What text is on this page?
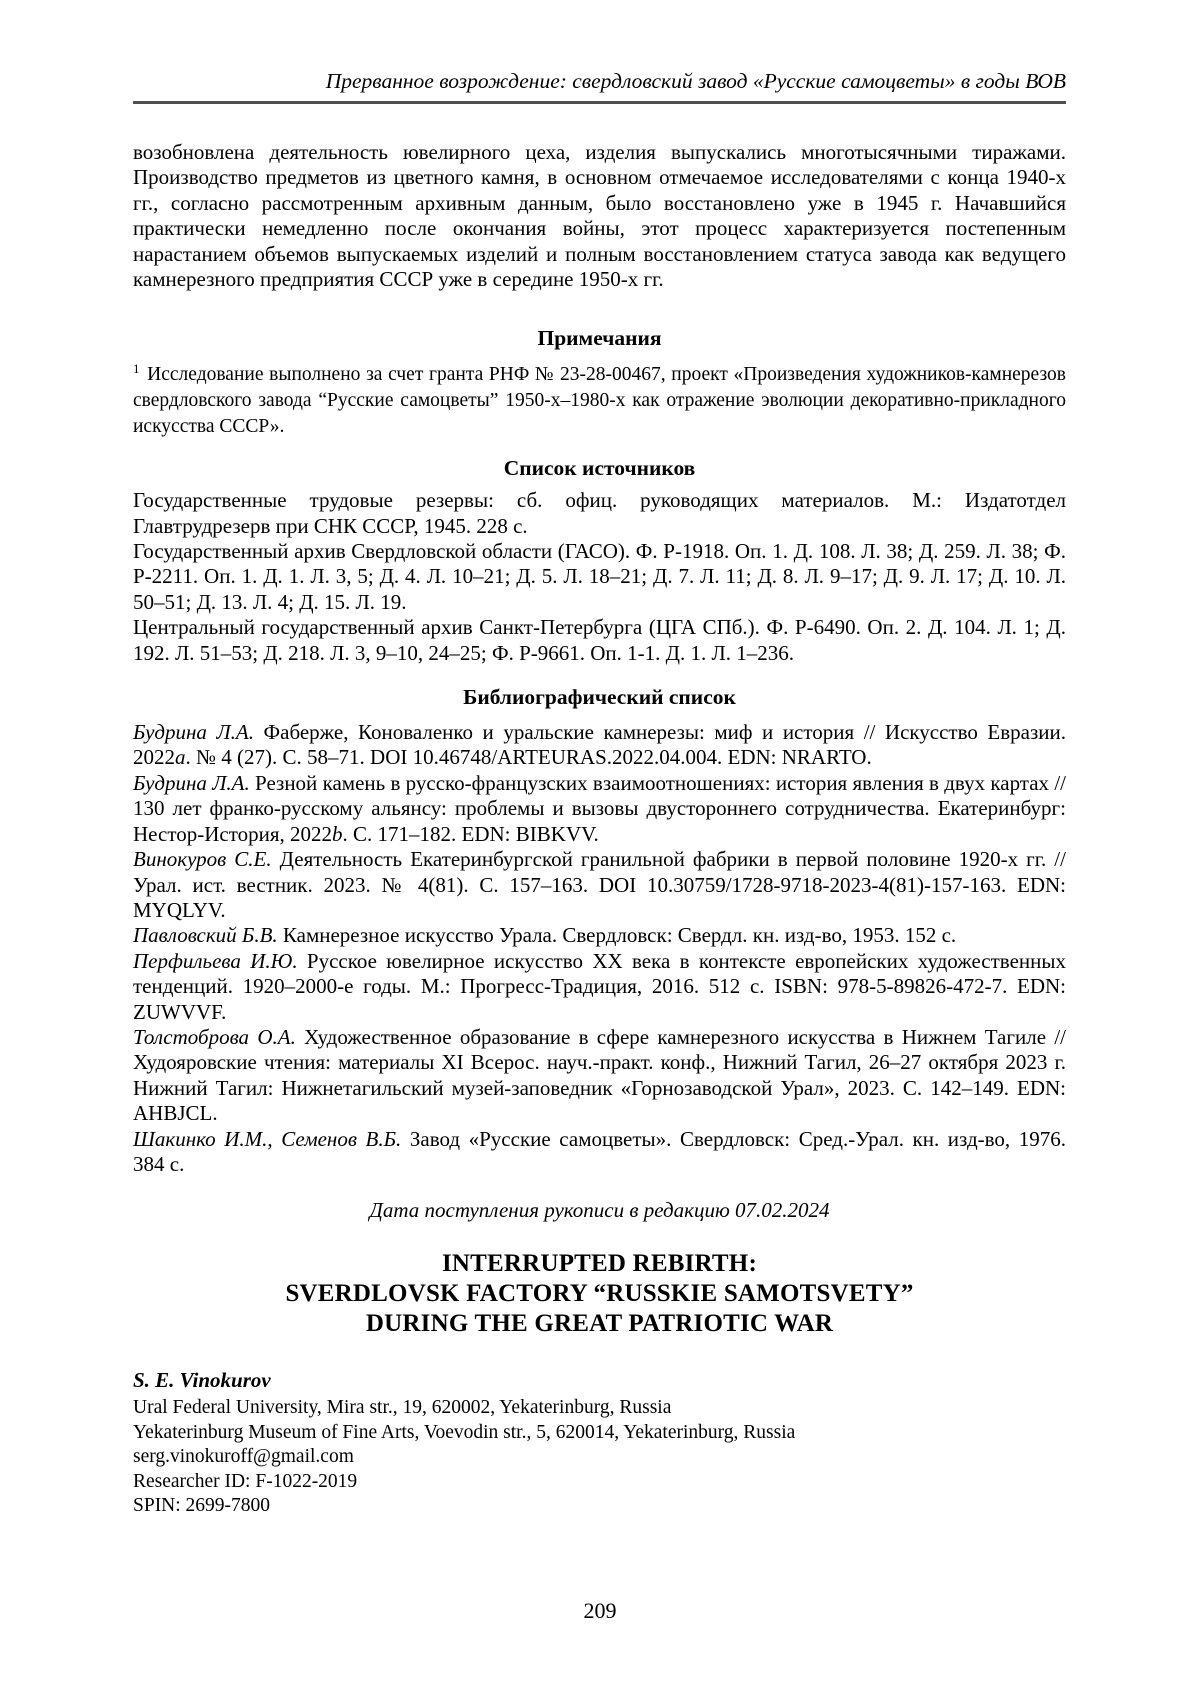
Прерванное возрождение: свердловский завод «Русские самоцветы» в годы ВОВ

возобновлена деятельность ювелирного цеха, изделия выпускались многотысячными тиражами. Производство предметов из цветного камня, в основном отмечаемое исследователями с конца 1940-х гг., согласно рассмотренным архивным данным, было восстановлено уже в 1945 г. Начавшийся практически немедленно после окончания войны, этот процесс характеризуется постепенным нарастанием объемов выпускаемых изделий и полным восстановлением статуса завода как ведущего камнерезного предприятия СССР уже в середине 1950-х гг.

Примечания

$^1$ Исследование выполнено за счет гранта РНФ № 23-28-00467, проект «Произведения художников-камнерезов свердловского завода “Русские самоцветы” 1950-х–1980-х как отражение эволюции декоративно-прикладного искусства СССР».

Список источников

Государственные трудовые резервы: сб. офиц. руководящих материалов. М.: Издатотдел Главтрудрезерв при СНК СССР, 1945. 228 с.

Государственный архив Свердловской области (ГАСО). Ф. Р-1918. Оп. 1. Д. 108. Л. 38; Д. 259. Л. 38; Ф. Р-2211. Оп. 1. Д. 1. Л. 3, 5; Д. 4. Л. 10–21; Д. 5. Л. 18–21; Д. 7. Л. 11; Д. 8. Л. 9–17; Д. 9. Л. 17; Д. 10. Л. 50–51; Д. 13. Л. 4; Д. 15. Л. 19.

Центральный государственный архив Санкт-Петербурга (ЦГА СПб.). Ф. Р-6490. Оп. 2. Д. 104. Л. 1; Д. 192. Л. 51–53; Д. 218. Л. 3, 9–10, 24–25; Ф. Р-9661. Оп. 1-1. Д. 1. Л. 1–236.

Библиографический список

Будрина Л.А. Фаберже, Коноваленко и уральские камнерезы: миф и история // Искусство Евразии. 2022a. № 4 (27). С. 58–71. DOI 10.46748/ARTEURAS.2022.04.004. EDN: NRARTO.

Будрина Л.А. Резной камень в русско-французских взаимоотношениях: история явления в двух картах // 130 лет франко-русскому альянсу: проблемы и вызовы двустороннего сотрудничества. Екатеринбург: Нестор-История, 2022b. С. 171–182. EDN: BIBKVV.

Винокуров С.Е. Деятельность Екатеринбургской гранильной фабрики в первой половине 1920-х гг. // Урал. ист. вестник. 2023. № 4(81). С. 157–163. DOI 10.30759/1728-9718-2023-4(81)-157-163. EDN: MYQLYV.

Павловский Б.В. Камнерезное искусство Урала. Свердловск: Свердл. кн. изд-во, 1953. 152 с.

Перфильева И.Ю. Русское ювелирное искусство XX века в контексте европейских художественных тенденций. 1920–2000-е годы. М.: Прогресс-Традиция, 2016. 512 с. ISBN: 978-5-89826-472-7. EDN: ZUWVVF.

Толстоброва О.А. Художественное образование в сфере камнерезного искусства в Нижнем Тагиле // Худояровские чтения: материалы XI Всерос. науч.-практ. конф., Нижний Тагил, 26–27 октября 2023 г. Нижний Тагил: Нижнетагильский музей-заповедник «Горнозаводской Урал», 2023. С. 142–149. EDN: AHBJCL.

Шакинко И.М., Семенов В.Б. Завод «Русские самоцветы». Свердловск: Сред.-Урал. кн. изд-во, 1976. 384 с.

Дата поступления рукописи в редакцию 07.02.2024

INTERRUPTED REBIRTH:
SVERDLOVSK FACTORY “RUSSKIE SAMOTSVETY”
DURING THE GREAT PATRIOTIC WAR

S. E. Vinokurov

Ural Federal University, Mira str., 19, 620002, Yekaterinburg, Russia
Yekaterinburg Museum of Fine Arts, Voevodin str., 5, 620014, Yekaterinburg, Russia
serg.vinokuroff@gmail.com
Researcher ID: F-1022-2019
SPIN: 2699-7800
209
